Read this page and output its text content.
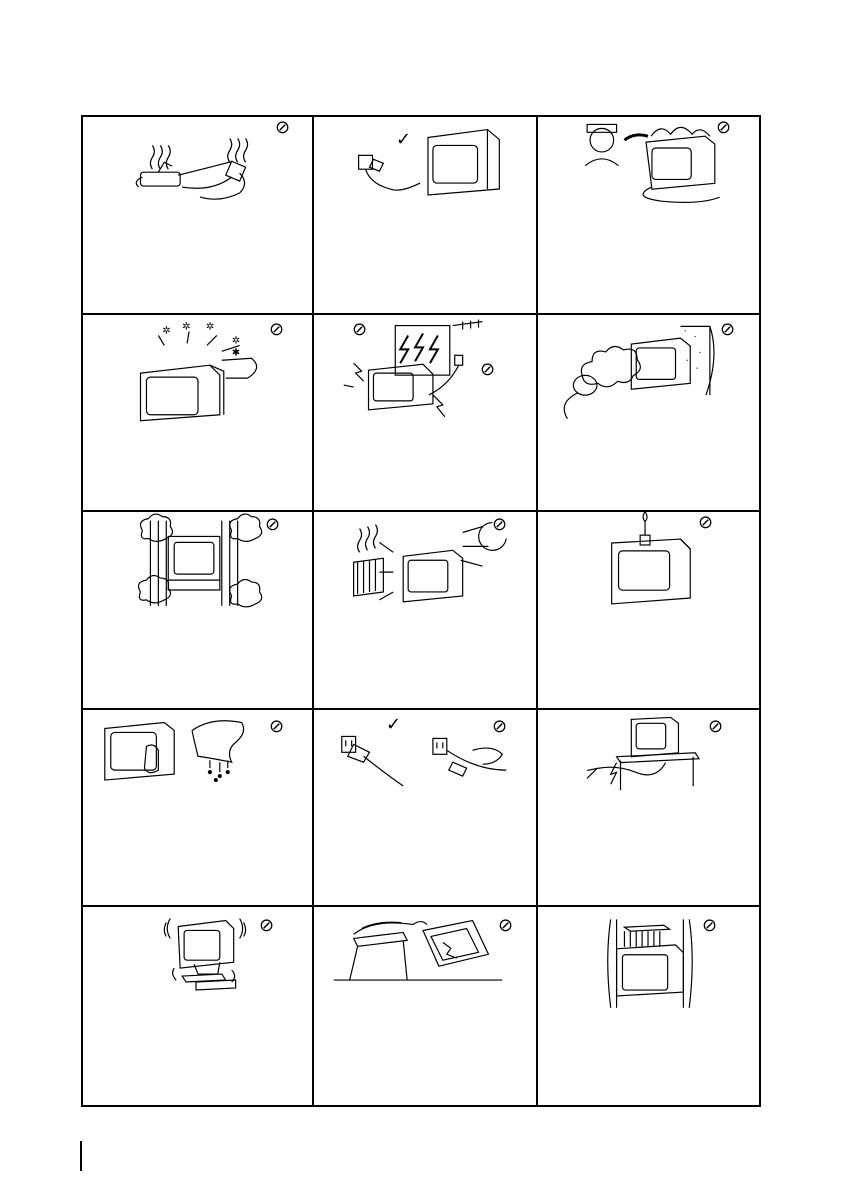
⊘
✓
⊘
✲ ✲ ✲
✲
✱
⊘	⊘
⊘
⊘
⊘	⊘	⊘
⊘	✓	⊘	⊘
⊘	⊘	⊘
